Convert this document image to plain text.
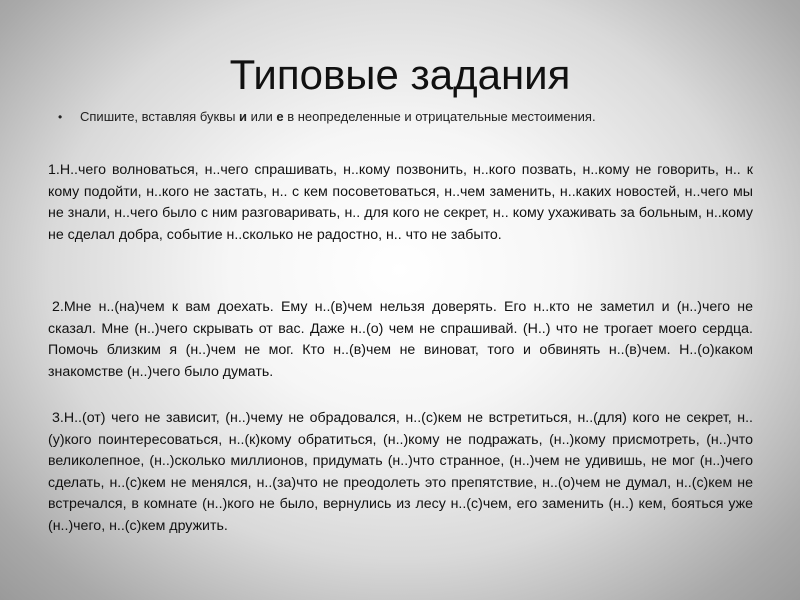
Типовые задания
• Спишите, вставляя буквы и или е в неопределенные и отрицательные местоимения.
1.Н..чего волноваться, н..чего спрашивать, н..кому позвонить, н..кого позвать, н..кому не говорить, н.. к кому подойти, н..кого не застать, н.. с кем посоветоваться, н..чем заменить, н..каких новостей, н..чего мы не знали, н..чего было с ним разговаривать, н.. для кого не секрет, н.. кому ухаживать за больным, н..кому не сделал добра, событие н..сколько не радостно, н.. что не забыто.
2.Мне н..(на)чем к вам доехать. Ему н..(в)чем нельзя доверять. Его н..кто не заметил и (н..)чего не сказал. Мне (н..)чего скрывать от вас. Даже н..(о) чем не спрашивай. (Н..) что не трогает моего сердца. Помочь близким я (н..)чем не мог. Кто н..(в)чем не виноват, того и обвинять н..(в)чем. Н..(о)каком знакомстве (н..)чего было думать.
3.Н..(от) чего не зависит, (н..)чему не обрадовался, н..(с)кем не встретиться, н..(для) кого не секрет, н..(у)кого поинтересоваться, н..(к)кому обратиться, (н..)кому не подражать, (н..)кому присмотреть, (н..)что великолепное, (н..)сколько миллионов, придумать (н..)что странное, (н..)чем не удивишь, не мог (н..)чего сделать, н..(с)кем не менялся, н..(за)что не преодолеть это препятствие, н..(о)чем не думал, н..(с)кем не встречался, в комнате (н..)кого не было, вернулись из лесу н..(с)чем, его заменить (н..) кем, бояться уже (н..)чего, н..(с)кем дружить.
